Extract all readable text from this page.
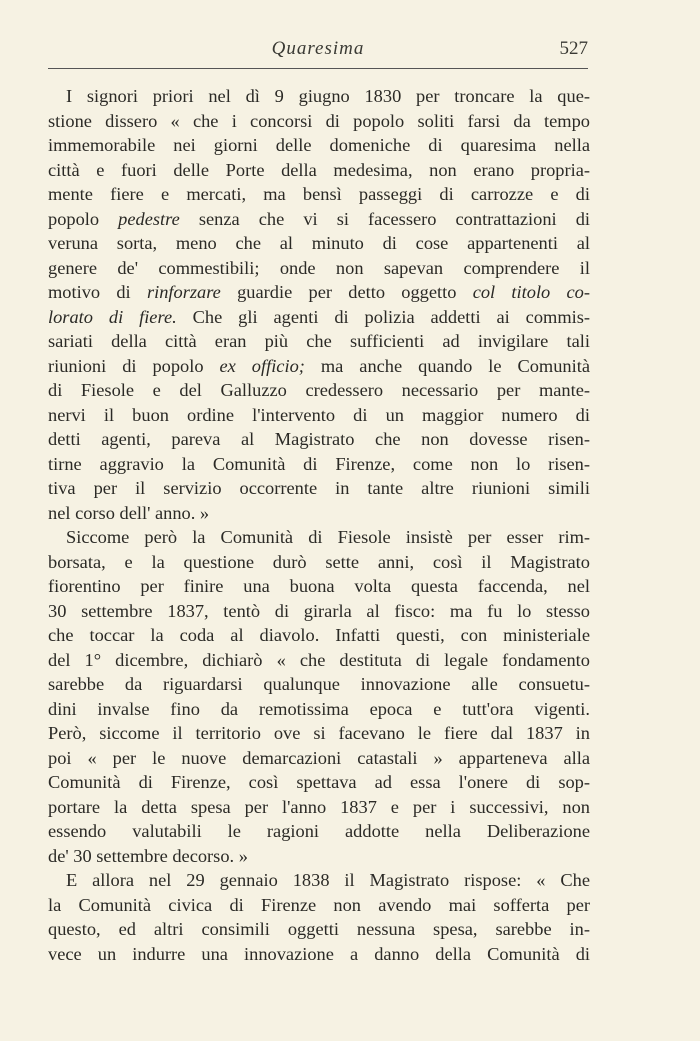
Quaresima	527
I signori priori nel dì 9 giugno 1830 per troncare la que-
stione dissero « che i concorsi di popolo soliti farsi da tempo
immemorabile nei giorni delle domeniche di quaresima nella
città e fuori delle Porte della medesima, non erano propria-
mente fiere e mercati, ma bensì passeggi di carrozze e di
popolo pedestre senza che vi si facessero contrattazioni di
veruna sorta, meno che al minuto di cose appartenenti al
genere de' commestibili; onde non sapevan comprendere il
motivo di rinforzare guardie per detto oggetto col titolo co-
lorato di fiere. Che gli agenti di polizia addetti ai commis-
sariati della città eran più che sufficienti ad invigilare tali
riunioni di popolo ex officio; ma anche quando le Comunità
di Fiesole e del Galluzzo credessero necessario per mante-
nervi il buon ordine l'intervento di un maggior numero di
detti agenti, pareva al Magistrato che non dovesse risen-
tirne aggravio la Comunità di Firenze, come non lo risen-
tiva per il servizio occorrente in tante altre riunioni simili
nel corso dell' anno. »
Siccome però la Comunità di Fiesole insistè per esser rim-
borsata, e la questione durò sette anni, così il Magistrato
fiorentino per finire una buona volta questa faccenda, nel
30 settembre 1837, tentò di girarla al fisco: ma fu lo stesso
che toccar la coda al diavolo. Infatti questi, con ministeriale
del 1° dicembre, dichiarò « che destituta di legale fondamento
sarebbe da riguardarsi qualunque innovazione alle consuetu-
dini invalse fino da remotissima epoca e tutt'ora vigenti.
Però, siccome il territorio ove si facevano le fiere dal 1837 in
poi « per le nuove demarcazioni catastali » apparteneva alla
Comunità di Firenze, così spettava ad essa l'onere di sop-
portare la detta spesa per l'anno 1837 e per i successivi, non
essendo valutabili le ragioni addotte nella Deliberazione
de' 30 settembre decorso. »
E allora nel 29 gennaio 1838 il Magistrato rispose: « Che
la Comunità civica di Firenze non avendo mai sofferta per
questo, ed altri consimili oggetti nessuna spesa, sarebbe in-
vece un indurre una innovazione a danno della Comunità di
